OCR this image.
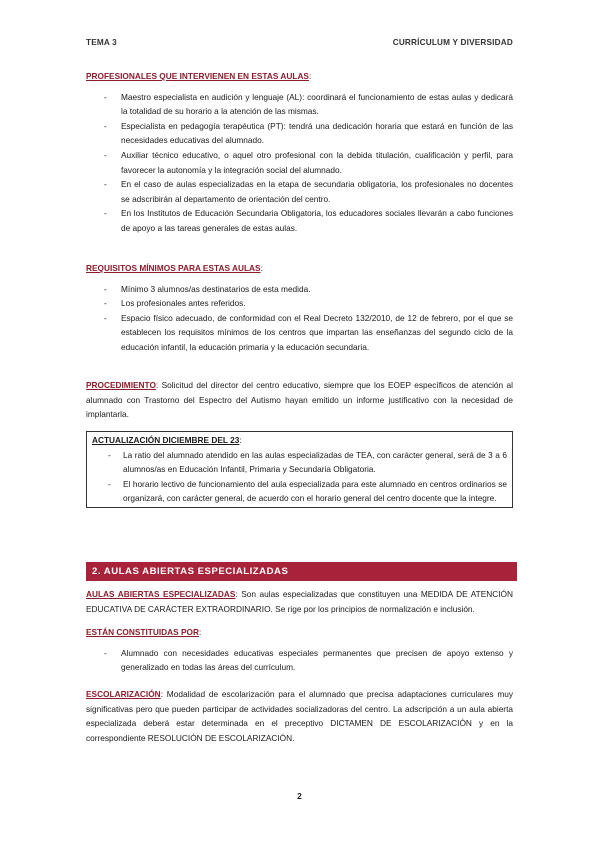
TEMA 3	CURRÍCULUM Y DIVERSIDAD
PROFESIONALES QUE INTERVIENEN EN ESTAS AULAS:
- Maestro especialista en audición y lenguaje (AL): coordinará el funcionamiento de estas aulas y dedicará la totalidad de su horario a la atención de las mismas.
- Especialista en pedagogía terapéutica (PT): tendrá una dedicación horaria que estará en función de las necesidades educativas del alumnado.
- Auxiliar técnico educativo, o aquel otro profesional con la debida titulación, cualificación y perfil, para favorecer la autonomía y la integración social del alumnado.
- En el caso de aulas especializadas en la etapa de secundaria obligatoria, los profesionales no docentes se adscribirán al departamento de orientación del centro.
- En los Institutos de Educación Secundaria Obligatoria, los educadores sociales llevarán a cabo funciones de apoyo a las tareas generales de estas aulas.
REQUISITOS MÍNIMOS PARA ESTAS AULAS:
- Mínimo 3 alumnos/as destinatarios de esta medida.
- Los profesionales antes referidos.
- Espacio físico adecuado, de conformidad con el Real Decreto 132/2010, de 12 de febrero, por el que se establecen los requisitos mínimos de los centros que impartan las enseñanzas del segundo ciclo de la educación infantil, la educación primaria y la educación secundaria.

PROCEDIMIENTO: Solicitud del director del centro educativo, siempre que los EOEP específicos de atención al alumnado con Trastorno del Espectro del Autismo hayan emitido un informe justificativo con la necesidad de implantarla.

ACTUALIZACIÓN DICIEMBRE DEL 23:
- La ratio del alumnado atendido en las aulas especializadas de TEA, con carácter general, será de 3 a 6 alumnos/as en Educación Infantil, Primaria y Secundaria Obligatoria.
- El horario lectivo de funcionamiento del aula especializada para este alumnado en centros ordinarios se organizará, con carácter general, de acuerdo con el horario general del centro docente que la integre.
2. AULAS ABIERTAS ESPECIALIZADAS

AULAS ABIERTAS ESPECIALIZADAS: Son aulas especializadas que constituyen una MEDIDA DE ATENCIÓN EDUCATIVA DE CARÁCTER EXTRAORDINARIO. Se rige por los principios de normalización e inclusión.

ESTÁN CONSTITUIDAS POR:
- Alumnado con necesidades educativas especiales permanentes que precisen de apoyo extenso y generalizado en todas las áreas del currículum.

ESCOLARIZACIÓN: Modalidad de escolarización para el alumnado que precisa adaptaciones curriculares muy significativas pero que pueden participar de actividades socializadoras del centro. La adscripción a un aula abierta especializada deberá estar determinada en el preceptivo DICTAMEN DE ESCOLARIZACIÓN y en la correspondiente RESOLUCIÓN DE ESCOLARIZACIÓN.

2
